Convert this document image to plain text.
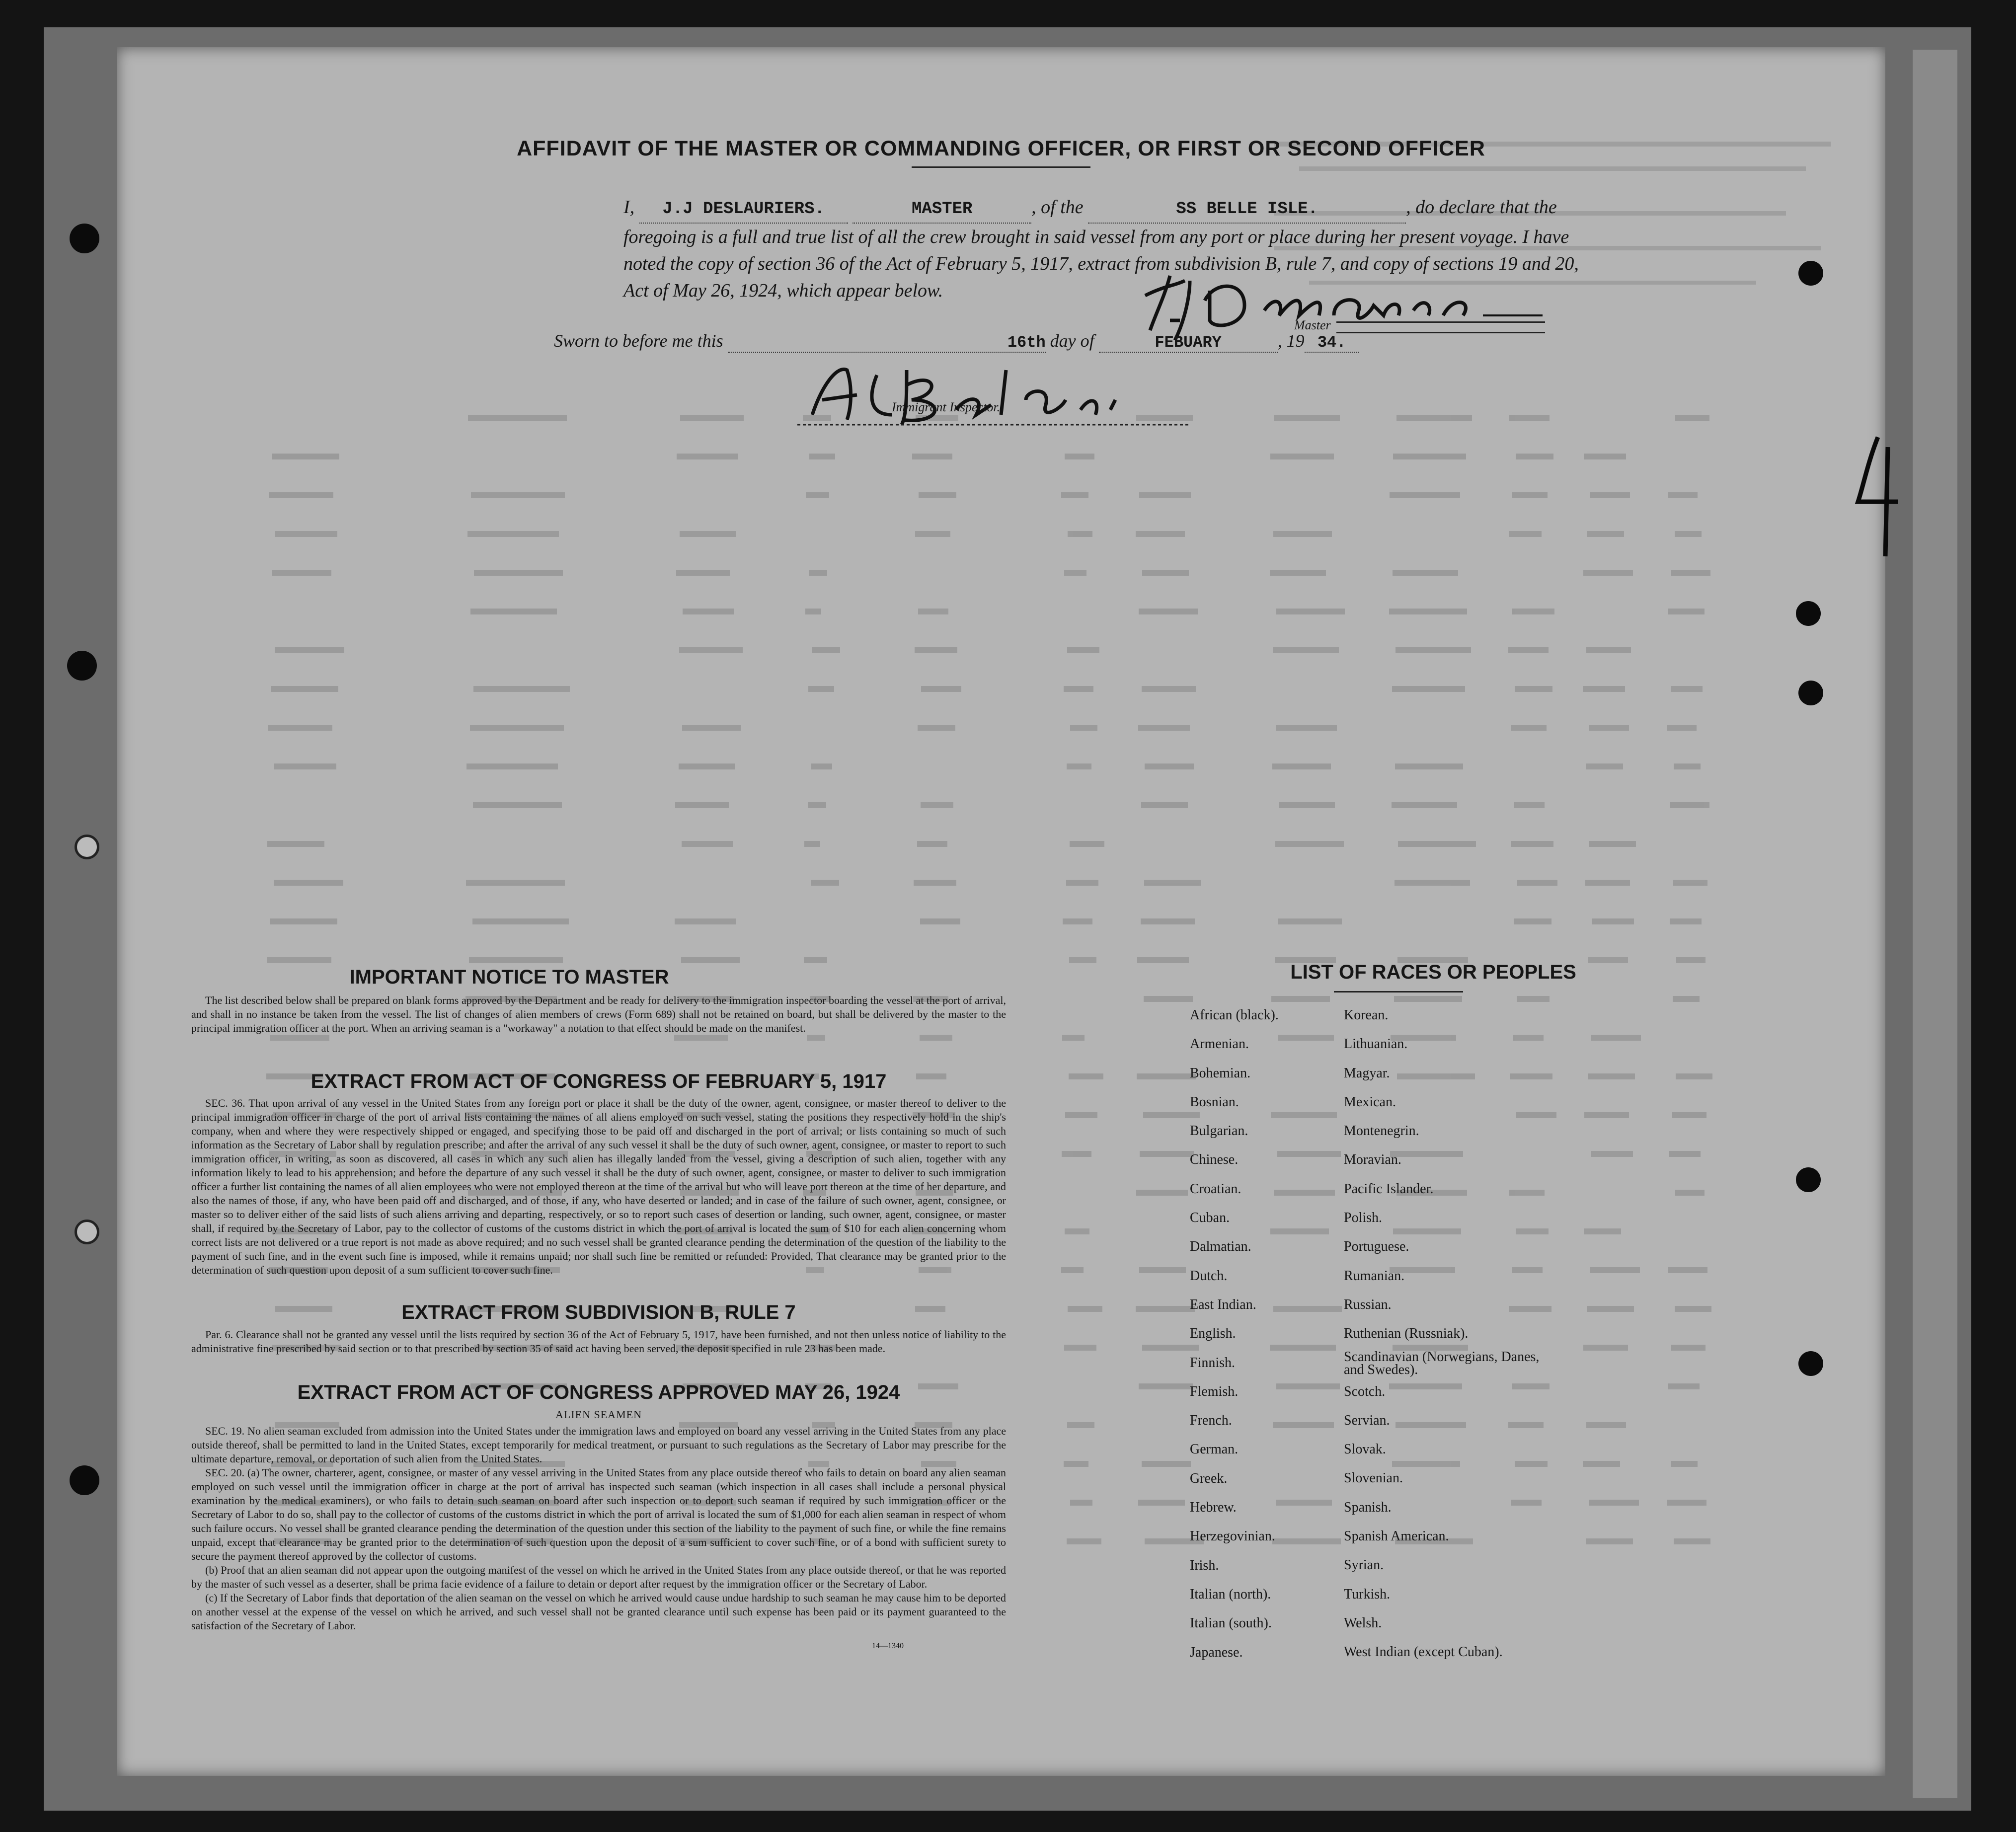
AFFIDAVIT OF THE MASTER OR COMMANDING OFFICER, OR FIRST OR SECOND OFFICER
I, J.J DESLAURIERS.	MASTER	, of the	SS BELLE ISLE.	, do declare that the foregoing is a full and true list of all the crew brought in said vessel from any port or place during her present voyage. I have noted the copy of section 36 of the Act of February 5, 1917, extract from subdivision B, rule 7, and copy of sections 19 and 20, Act of May 26, 1924, which appear below.
Master
Sworn to before me this	16th day of	FEBUARY	, 19 34.
Immigrant Inspector.
IMPORTANT NOTICE TO MASTER

The list described below shall be prepared on blank forms approved by the Department and be ready for delivery to the immigration inspector boarding the vessel at the port of arrival, and shall in no instance be taken from the vessel. The list of changes of alien members of crews (Form 689) shall not be retained on board, but shall be delivered by the master to the principal immigration officer at the port. When an arriving seaman is a "workaway" a notation to that effect should be made on the manifest.

EXTRACT FROM ACT OF CONGRESS OF FEBRUARY 5, 1917

SEC. 36. That upon arrival of any vessel in the United States from any foreign port or place it shall be the duty of the owner, agent, consignee, or master thereof to deliver to the principal immigration officer in charge of the port of arrival lists containing the names of all aliens employed on such vessel, stating the positions they respectively hold in the ship's company, when and where they were respectively shipped or engaged, and specifying those to be paid off and discharged in the port of arrival; or lists containing so much of such information as the Secretary of Labor shall by regulation prescribe; and after the arrival of any such vessel it shall be the duty of such owner, agent, consignee, or master to report to such immigration officer, in writing, as soon as discovered, all cases in which any such alien has illegally landed from the vessel, giving a description of such alien, together with any information likely to lead to his apprehension; and before the departure of any such vessel it shall be the duty of such owner, agent, consignee, or master to deliver to such immigration officer a further list containing the names of all alien employees who were not employed thereon at the time of the arrival but who will leave port thereon at the time of her departure, and also the names of those, if any, who have been paid off and discharged, and of those, if any, who have deserted or landed; and in case of the failure of such owner, agent, consignee, or master so to deliver either of the said lists of such aliens arriving and departing, respectively, or so to report such cases of desertion or landing, such owner, agent, consignee, or master shall, if required by the Secretary of Labor, pay to the collector of customs of the customs district in which the port of arrival is located the sum of $10 for each alien concerning whom correct lists are not delivered or a true report is not made as above required; and no such vessel shall be granted clearance pending the determination of the question of the liability to the payment of such fine, and in the event such fine is imposed, while it remains unpaid; nor shall such fine be remitted or refunded: Provided, That clearance may be granted prior to the determination of such question upon deposit of a sum sufficient to cover such fine.

EXTRACT FROM SUBDIVISION B, RULE 7

Par. 6. Clearance shall not be granted any vessel until the lists required by section 36 of the Act of February 5, 1917, have been furnished, and not then unless notice of liability to the administrative fine prescribed by said section or to that prescribed by section 35 of said act having been served, the deposit specified in rule 23 has been made.

EXTRACT FROM ACT OF CONGRESS APPROVED MAY 26, 1924
ALIEN SEAMEN

SEC. 19. No alien seaman excluded from admission into the United States under the immigration laws and employed on board any vessel arriving in the United States from any place outside thereof, shall be permitted to land in the United States, except temporarily for medical treatment, or pursuant to such regulations as the Secretary of Labor may prescribe for the ultimate departure, removal, or deportation of such alien from the United States.

SEC. 20. (a) The owner, charterer, agent, consignee, or master of any vessel arriving in the United States from any place outside thereof who fails to detain on board any alien seaman employed on such vessel until the immigration officer in charge at the port of arrival has inspected such seaman (which inspection in all cases shall include a personal physical examination by the medical examiners), or who fails to detain such seaman on board after such inspection or to deport such seaman if required by such immigration officer or the Secretary of Labor to do so, shall pay to the collector of customs of the customs district in which the port of arrival is located the sum of $1,000 for each alien seaman in respect of whom such failure occurs. No vessel shall be granted clearance pending the determination of the question under this section of the liability to the payment of such fine, or while the fine remains unpaid, except that clearance may be granted prior to the determination of such question upon the deposit of a sum sufficient to cover such fine, or of a bond with sufficient surety to secure the payment thereof approved by the collector of customs.

(b) Proof that an alien seaman did not appear upon the outgoing manifest of the vessel on which he arrived in the United States from any place outside thereof, or that he was reported by the master of such vessel as a deserter, shall be prima facie evidence of a failure to detain or deport after request by the immigration officer or the Secretary of Labor.

(c) If the Secretary of Labor finds that deportation of the alien seaman on the vessel on which he arrived would cause undue hardship to such seaman he may cause him to be deported on another vessel at the expense of the vessel on which he arrived, and such vessel shall not be granted clearance until such expense has been paid or its payment guaranteed to the satisfaction of the Secretary of Labor.

14—1340
LIST OF RACES OR PEOPLES
African (black).
Armenian.
Bohemian.
Bosnian.
Bulgarian.
Chinese.
Croatian.
Cuban.
Dalmatian.
Dutch.
East Indian.
English.
Finnish.
Flemish.
French.
German.
Greek.
Hebrew.
Herzegovinian.
Irish.
Italian (north).
Italian (south).
Japanese.
Korean.
Lithuanian.
Magyar.
Mexican.
Montenegrin.
Moravian.
Pacific Islander.
Polish.
Portuguese.
Rumanian.
Russian.
Ruthenian (Russniak).
Scandinavian (Norwegians, Danes, and Swedes).
Scotch.
Servian.
Slovak.
Slovenian.
Spanish.
Spanish American.
Syrian.
Turkish.
Welsh.
West Indian (except Cuban).
